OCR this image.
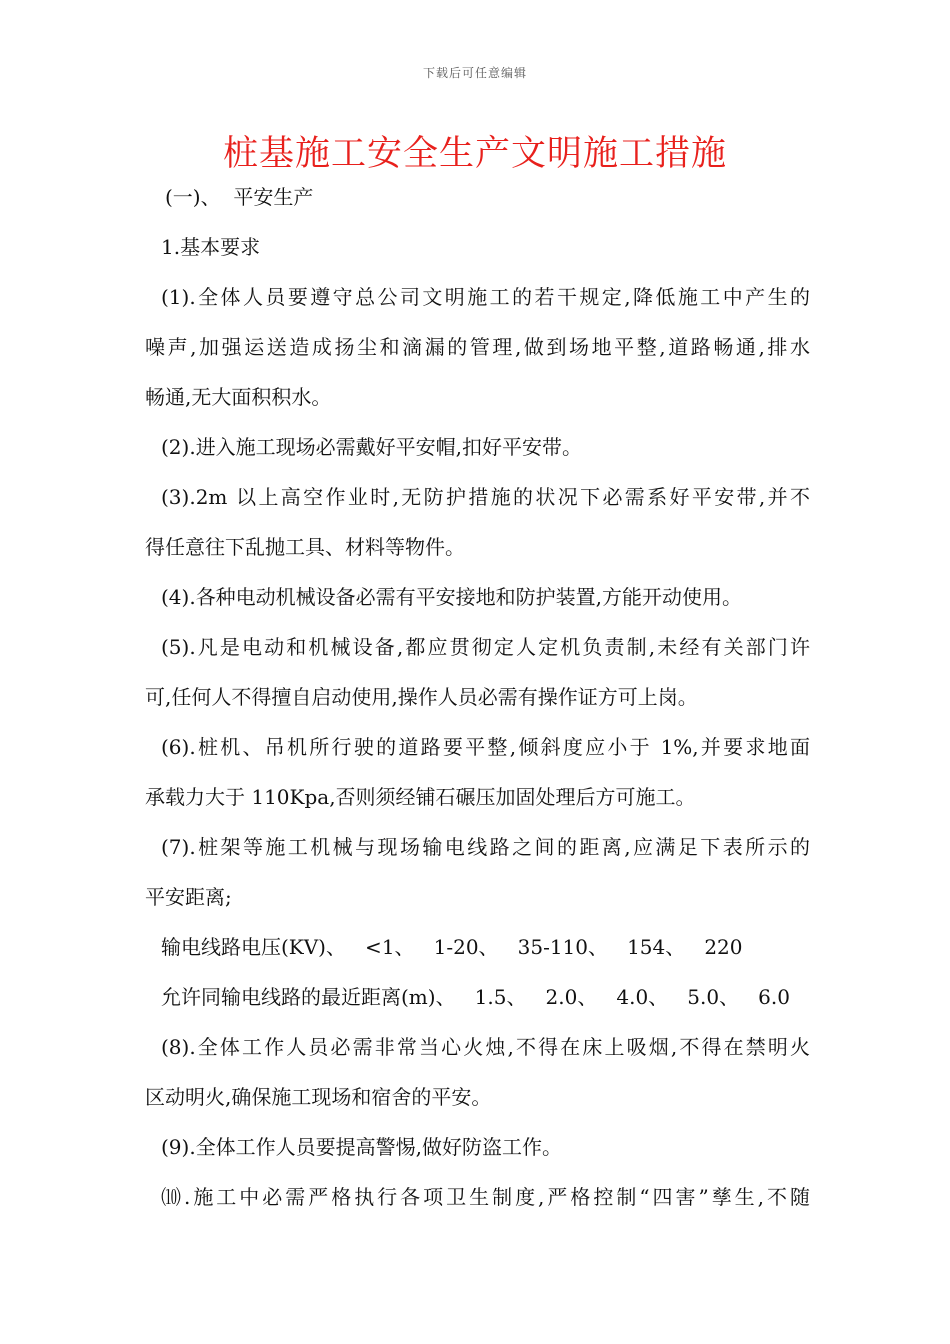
下载后可任意编辑
桩基施工安全生产文明施工措施
(一)、  平安生产
1.基本要求
(1).全体人员要遵守总公司文明施工的若干规定,降低施工中产生的
噪声,加强运送造成扬尘和滴漏的管理,做到场地平整,道路畅通,排水
畅通,无大面积积水。
(2).进入施工现场必需戴好平安帽,扣好平安带。
(3).2m 以上高空作业时,无防护措施的状况下必需系好平安带,并不
得任意往下乱抛工具、材料等物件。
(4).各种电动机械设备必需有平安接地和防护装置,方能开动使用。
(5).凡是电动和机械设备,都应贯彻定人定机负责制,未经有关部门许
可,任何人不得擅自启动使用,操作人员必需有操作证方可上岗。
(6).桩机、吊机所行驶的道路要平整,倾斜度应小于 1%,并要求地面
承载力大于 110Kpa,否则须经铺石碾压加固处理后方可施工。
(7).桩架等施工机械与现场输电线路之间的距离,应满足下表所示的
平安距离;
输电线路电压(KV)、   <1、   1-20、   35-110、   154、   220
允许同输电线路的最近距离(m)、   1.5、   2.0、   4.0、   5.0、   6.0
(8).全体工作人员必需非常当心火烛,不得在床上吸烟,不得在禁明火
区动明火,确保施工现场和宿舍的平安。
(9).全体工作人员要提高警惕,做好防盗工作。
⑽.施工中必需严格执行各项卫生制度,严格控制“四害”孳生,不随
